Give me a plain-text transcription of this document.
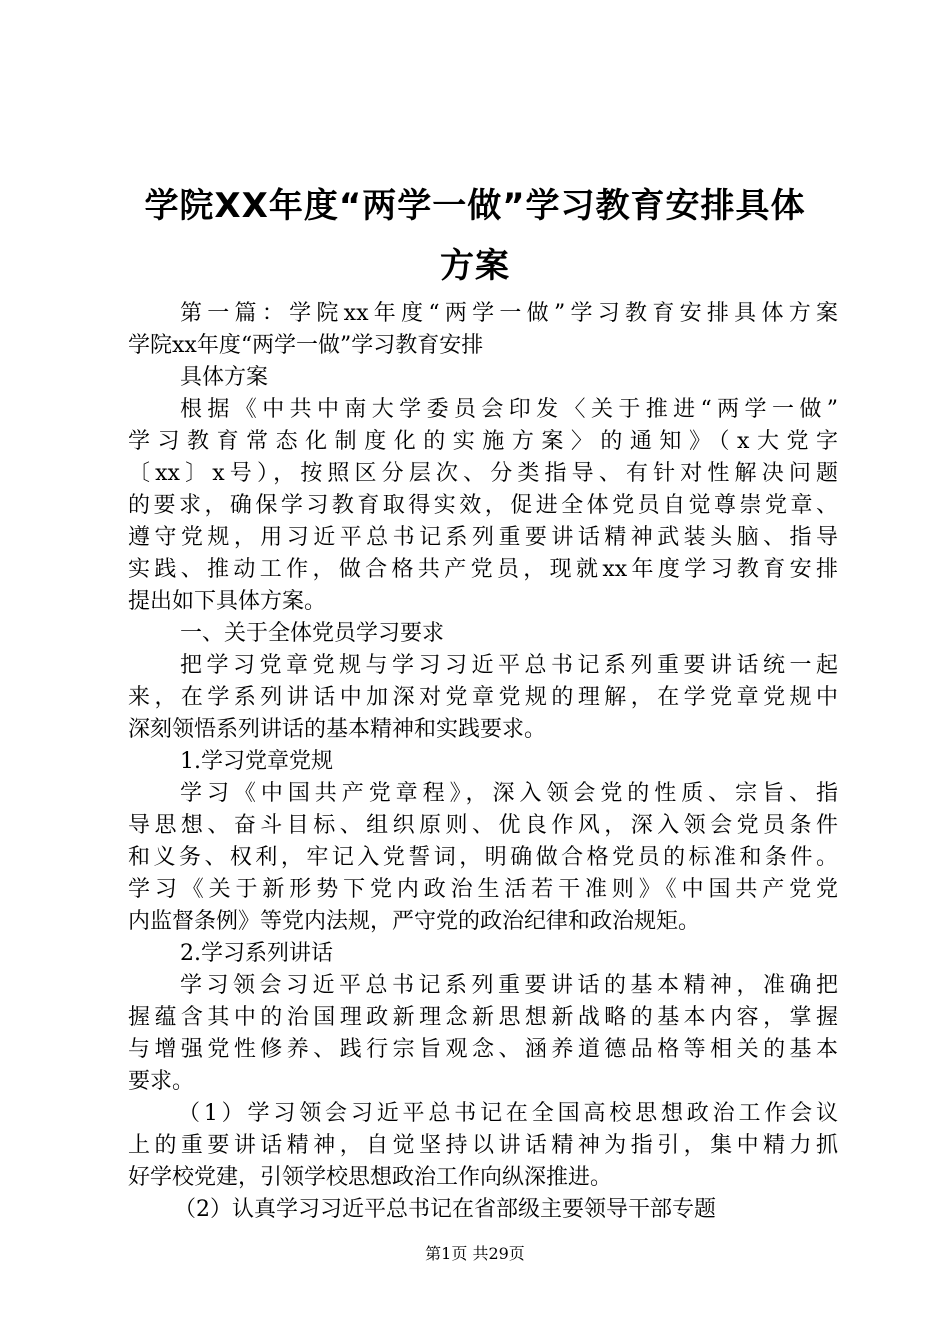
学院XX年度“两学一做”学习教育安排具体
方案
第一篇：学院xx年度“两学一做”学习教育安排具体方案
学院xx年度“两学一做”学习教育安排
具体方案
根据《中共中南大学委员会印发〈关于推进“两学一做”
学习教育常态化制度化的实施方案〉的通知》（x大党字
〔xx〕x号），按照区分层次、分类指导、有针对性解决问题
的要求，确保学习教育取得实效，促进全体党员自觉尊崇党章、
遵守党规，用习近平总书记系列重要讲话精神武装头脑、指导
实践、推动工作，做合格共产党员，现就xx年度学习教育安排
提出如下具体方案。
一、关于全体党员学习要求
把学习党章党规与学习习近平总书记系列重要讲话统一起
来，在学系列讲话中加深对党章党规的理解，在学党章党规中
深刻领悟系列讲话的基本精神和实践要求。
1.学习党章党规
学习《中国共产党章程》，深入领会党的性质、宗旨、指
导思想、奋斗目标、组织原则、优良作风，深入领会党员条件
和义务、权利，牢记入党誓词，明确做合格党员的标准和条件。
学习《关于新形势下党内政治生活若干准则》《中国共产党党
内监督条例》等党内法规，严守党的政治纪律和政治规矩。
2.学习系列讲话
学习领会习近平总书记系列重要讲话的基本精神，准确把
握蕴含其中的治国理政新理念新思想新战略的基本内容，掌握
与增强党性修养、践行宗旨观念、涵养道德品格等相关的基本
要求。
（1）学习领会习近平总书记在全国高校思想政治工作会议
上的重要讲话精神，自觉坚持以讲话精神为指引，集中精力抓
好学校党建，引领学校思想政治工作向纵深推进。
（2）认真学习习近平总书记在省部级主要领导干部专题
第1页 共29页
